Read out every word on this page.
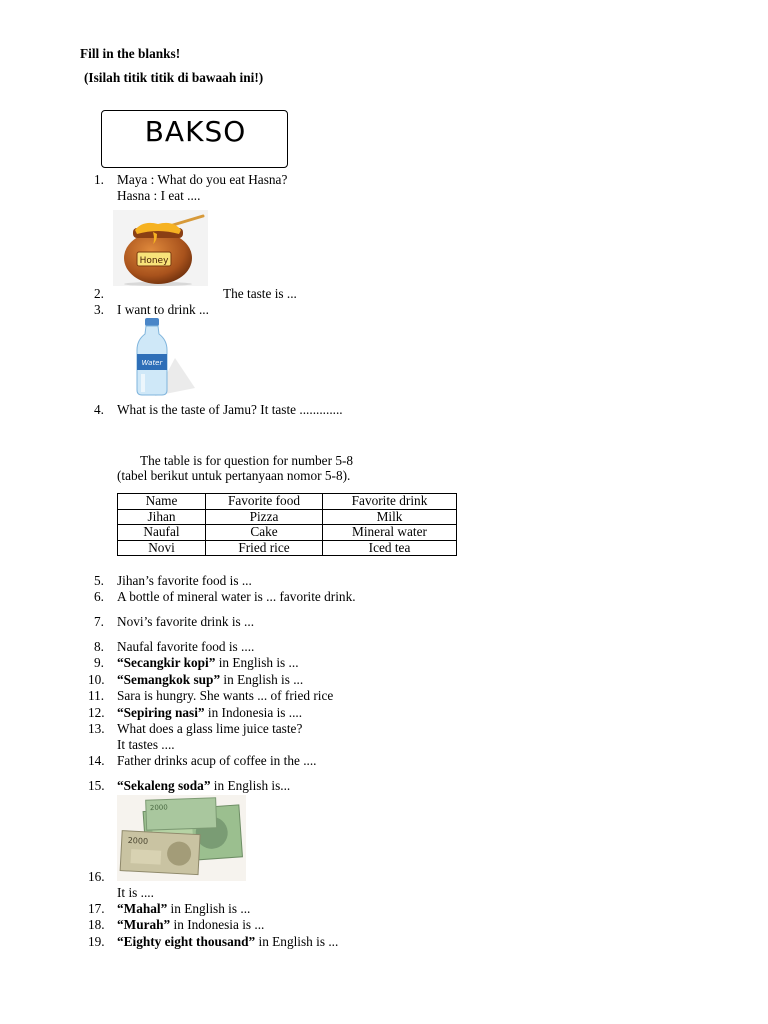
Fill in the blanks!
(Isilah titik titik di bawaah ini!)
BAKSO
1. Maya : What do you eat Hasna?
Hasna : I eat ....
Honey
2.	The taste is ...
3. I want to drink ...
Water
4. What is the taste of Jamu? It taste .............
The table is for question for number 5-8
(tabel berikut untuk pertanyaan nomor 5-8).
Name	Favorite food	Favorite drink
Jihan	Pizza	Milk
Naufal	Cake	Mineral water
Novi	Fried rice	Iced tea
5. Jihan’s favorite food is ...
6. A bottle of mineral water is ... favorite drink.
7. Novi’s favorite drink is ...
8. Naufal favorite food is ....
9. “Secangkir kopi” in English is ...
10. “Semangkok sup” in English is ...
11. Sara is hungry. She wants ... of fried rice
12. “Sepiring nasi” in Indonesia is ....
13. What does a glass lime juice taste?
It tastes ....
14. Father drinks acup of coffee in the ....
15. “Sekaleng soda” in English is...
2000
2000
16.
It is ....
17. “Mahal” in English is ...
18. “Murah” in Indonesia is ...
19. “Eighty eight thousand” in English is ...
